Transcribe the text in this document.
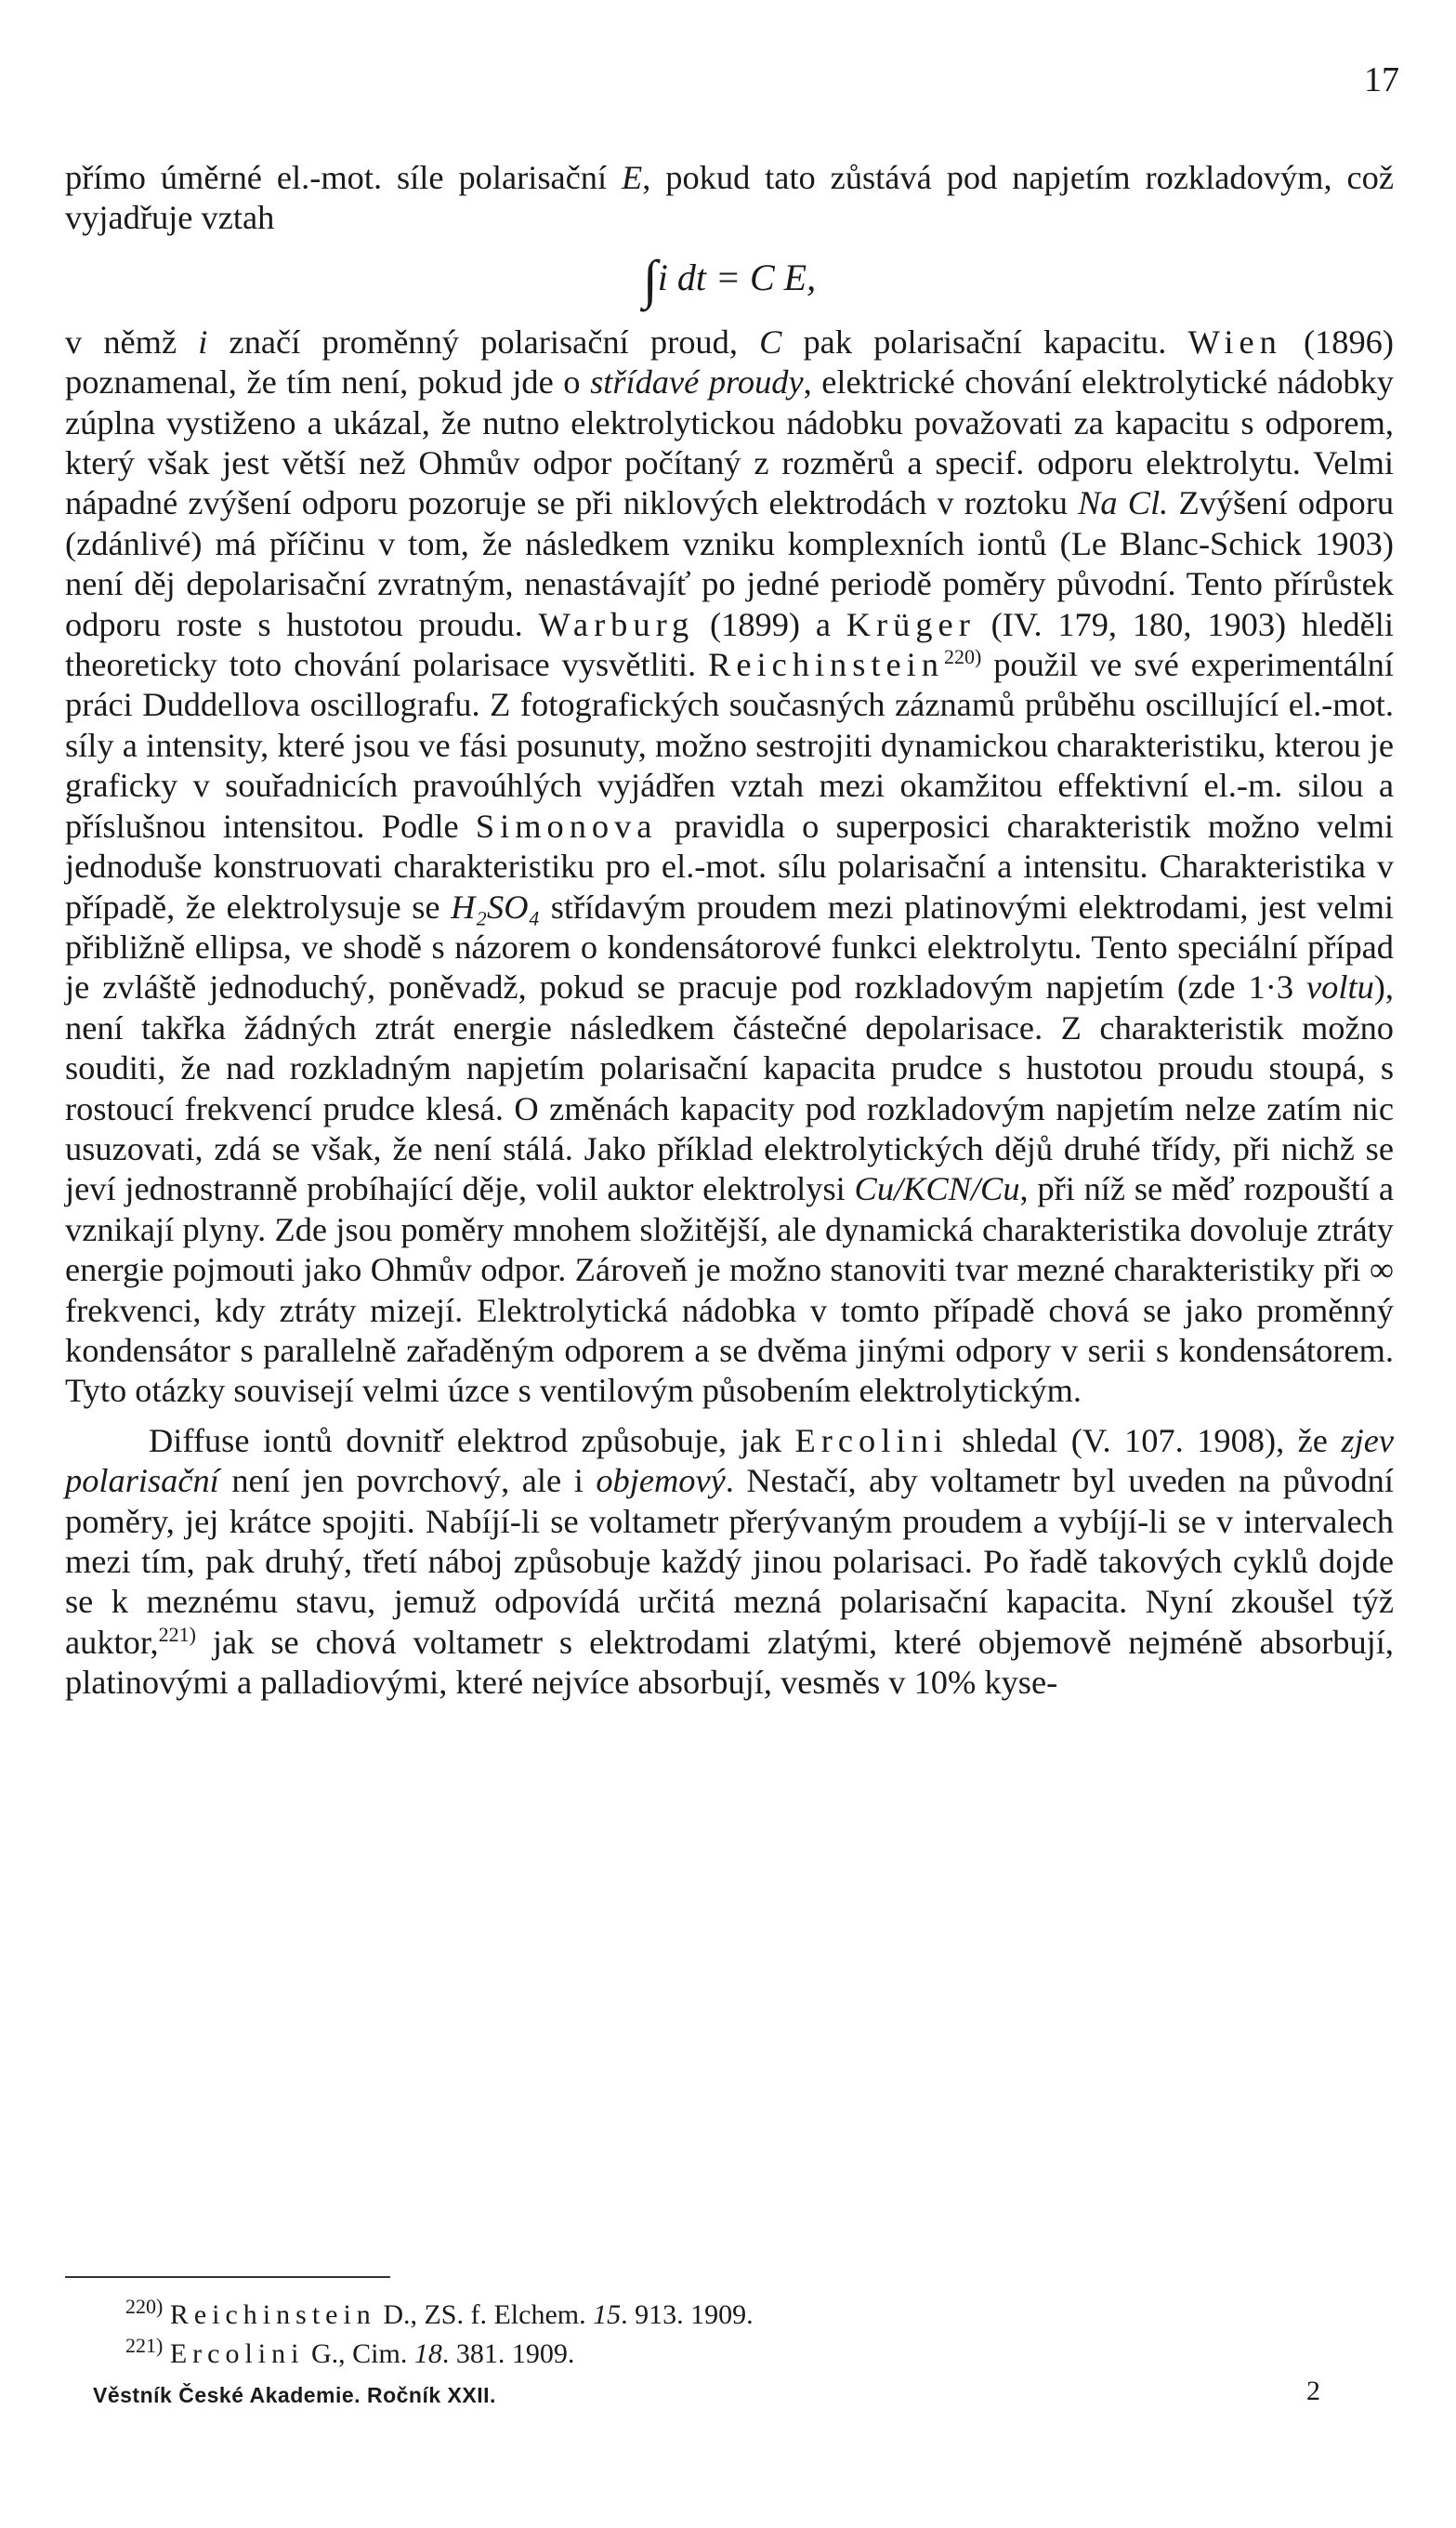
17

přímo úměrné el.-mot. síle polarisační E, pokud tato zůstává pod napjetím rozkladovým, což vyjadřuje vztah

∫i dt = C E,

v němž i značí proměnný polarisační proud, C pak polarisační kapacitu. Wien (1896) poznamenal, že tím není, pokud jde o střídavé proudy, elektrické chování elektrolytické nádobky zúplna vystiženo a ukázal, že nutno elektrolytickou nádobku považovati za kapacitu s odporem, který však jest větší než Ohmův odpor počítaný z rozměrů a specif. odporu elektrolytu. Velmi nápadné zvýšení odporu pozoruje se při niklových elektrodách v roztoku Na Cl. Zvýšení odporu (zdánlivé) má příčinu v tom, že následkem vzniku komplexních iontů (Le Blanc-Schick 1903) není děj depolarisační zvratným, nenastávajíť po jedné periodě poměry původní. Tento přírůstek odporu roste s hustotou proudu. Warburg (1899) a Krüger (IV. 179, 180, 1903) hleděli theoreticky toto chování polarisace vysvětliti. Reichinstein$^{220)}$ použil ve své experimentální práci Duddellova oscillografu. Z fotografických současných záznamů průběhu oscillující el.-mot. síly a intensity, které jsou ve fási posunuty, možno sestrojiti dynamickou charakteristiku, kterou je graficky v souřadnicích pravoúhlých vyjádřen vztah mezi okamžitou effektivní el.-m. silou a příslušnou intensitou. Podle Simonova pravidla o superposici charakteristik možno velmi jednoduše konstruovati charakteristiku pro el.-mot. sílu polarisační a intensitu. Charakteristika v případě, že elektrolysuje se H₂SO₄ střídavým proudem mezi platinovými elektrodami, jest velmi přibližně ellipsa, ve shodě s názorem o kondensátorové funkci elektrolytu. Tento speciální případ je zvláště jednoduchý, poněvadž, pokud se pracuje pod rozkladovým napjetím (zde 1·3 voltu), není takřka žádných ztrát energie následkem částečné depolarisace. Z charakteristik možno souditi, že nad rozkladným napjetím polarisační kapacita prudce s hustotou proudu stoupá, s rostoucí frekvencí prudce klesá. O změnách kapacity pod rozkladovým napjetím nelze zatím nic usuzovati, zdá se však, že není stálá. Jako příklad elektrolytických dějů druhé třídy, při nichž se jeví jednostranně probíhající děje, volil auktor elektrolysi Cu/KCN/Cu, při níž se měď rozpouští a vznikají plyny. Zde jsou poměry mnohem složitější, ale dynamická charakteristika dovoluje ztráty energie pojmouti jako Ohmův odpor. Zároveň je možno stanoviti tvar mezné charakteristiky při ∞ frekvenci, kdy ztráty mizejí. Elektrolytická nádobka v tomto případě chová se jako proměnný kondensátor s parallelně zařaděným odporem a se dvěma jinými odpory v serii s kondensátorem. Tyto otázky souvisejí velmi úzce s ventilovým působením elektrolytickým.

Diffuse iontů dovnitř elektrod způsobuje, jak Ercolini shledal (V. 107. 1908), že zjev polarisační není jen povrchový, ale i objemový. Nestačí, aby voltametr byl uveden na původní poměry, jej krátce spojiti. Nabíjí-li se voltametr přerývaným proudem a vybíjí-li se v intervalech mezi tím, pak druhý, třetí náboj způsobuje každý jinou polarisaci. Po řadě takových cyklů dojde se k meznému stavu, jemuž odpovídá určitá mezná polarisační kapacita. Nyní zkoušel týž auktor,$^{221)}$ jak se chová voltametr s elektrodami zlatými, které objemově nejméně absorbují, platinovými a palladiovými, které nejvíce absorbují, vesměs v 10% kyse-

$^{220)}$ Reichinstein D., ZS. f. Elchem. 15. 913. 1909.

$^{221)}$ Ercolini G., Cim. 18. 381. 1909.

Věstník České Akademie. Ročník XXII.	2
